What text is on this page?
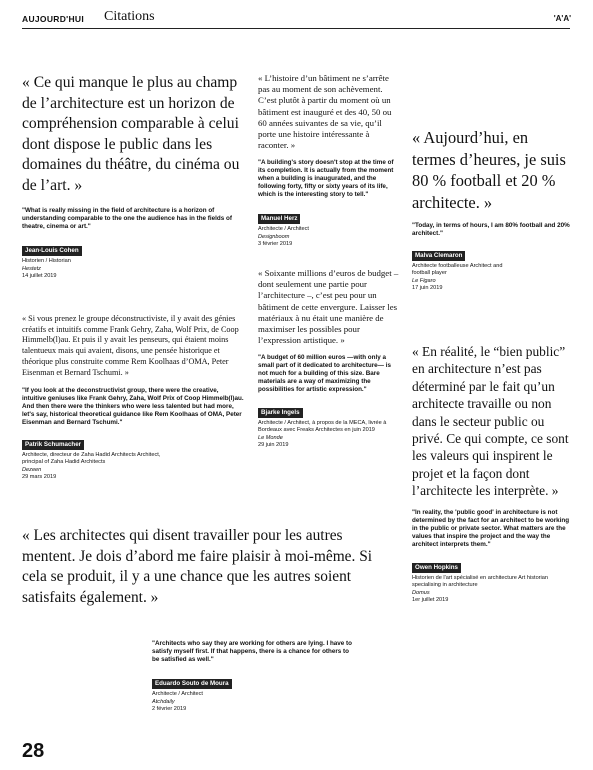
AUJOURD'HUI Citations	'A'A'
« Ce qui manque le plus au champ de l’architecture est un horizon de compréhension comparable à celui dont dispose le public dans les domaines du théâtre, du cinéma ou de l’art. »
"What is really missing in the field of architecture is a horizon of understanding comparable to the one the audience has in the fields of theatre, cinema or art."
Jean-Louis Cohen
Historien / Historian
Hestetz
14 juillet 2019
« Si vous prenez le groupe déconstructiviste, il y avait des génies créatifs et intuitifs comme Frank Gehry, Zaha, Wolf Prix, de Coop Himmelb(l)au. Et puis il y avait les penseurs, qui étaient moins talentueux mais qui avaient, disons, une pensée historique et théorique plus construite comme Rem Koolhaas d’OMA, Peter Eisenman et Bernard Tschumi. »
"If you look at the deconstructivist group, there were the creative, intuitive geniuses like Frank Gehry, Zaha, Wolf Prix of Coop Himmelb(l)au. And then there were the thinkers who were less talented but had more, let's say, historical theoretical guidance like Rem Koolhaas of OMA, Peter Eisenman and Bernard Tschumi."
Patrik Schumacher
Architecte, directeur de Zaha Hadid Architects Architect, principal of Zaha Hadid Architects
Dezeen
29 mars 2019
« L’histoire d’un bâtiment ne s’arrête pas au moment de son achèvement. C’est plutôt à partir du moment où un bâtiment est inauguré et des 40, 50 ou 60 années suivantes de sa vie, qu’il porte une histoire intéressante à raconter. »
"A building's story doesn't stop at the time of its completion. It is actually from the moment when a building is inaugurated, and the following forty, fifty or sixty years of its life, which is the interesting story to tell."
Manuel Herz
Architecte / Architect
Designboom
3 février 2019
« Soixante millions d’euros de budget – dont seulement une partie pour l’architecture –, c’est peu pour un bâtiment de cette envergure. Laisser les matériaux à nu était une manière de maximiser les possibles pour l’expression artistique. »
"A budget of 60 million euros —with only a small part of it dedicated to architecture— is not much for a building of this size. Bare materials are a way of maximizing the possibilities for artistic expression."
Bjarke Ingels
Architecte / Architect, à propos de la MECA, livrée à Bordeaux avec Freaks Architectes en juin 2019
Le Monde
29 juin 2019
« Aujourd’hui, en termes d’heures, je suis 80 % football et 20 % architecte. »
"Today, in terms of hours, I am 80% football and 20% architect."
Malva Clemaron
Architecte footballeuse Architect and football player
Le Figaro
17 juin 2019
« En réalité, le “bien public” en architecture n’est pas déterminé par le fait qu’un architecte travaille ou non dans le secteur public ou privé. Ce qui compte, ce sont les valeurs qui inspirent le projet et la façon dont l’architecte les interprète. »
"In reality, the 'public good' in architecture is not determined by the fact for an architect to be working in the public or private sector. What matters are the values that inspire the project and the way the architect interprets them."
Owen Hopkins
Historien de l'art spécialisé en architecture Art historian specialising in architecture
Domus
1er juillet 2019
« Les architectes qui disent travailler pour les autres mentent. Je dois d’abord me faire plaisir à moi-même. Si cela se produit, il y a une chance que les autres soient satisfaits également. »
"Architects who say they are working for others are lying. I have to satisfy myself first. If that happens, there is a chance for others to be satisfied as well."
Eduardo Souto de Moura
Architecte / Architect
Atchdaily
2 février 2019
28
